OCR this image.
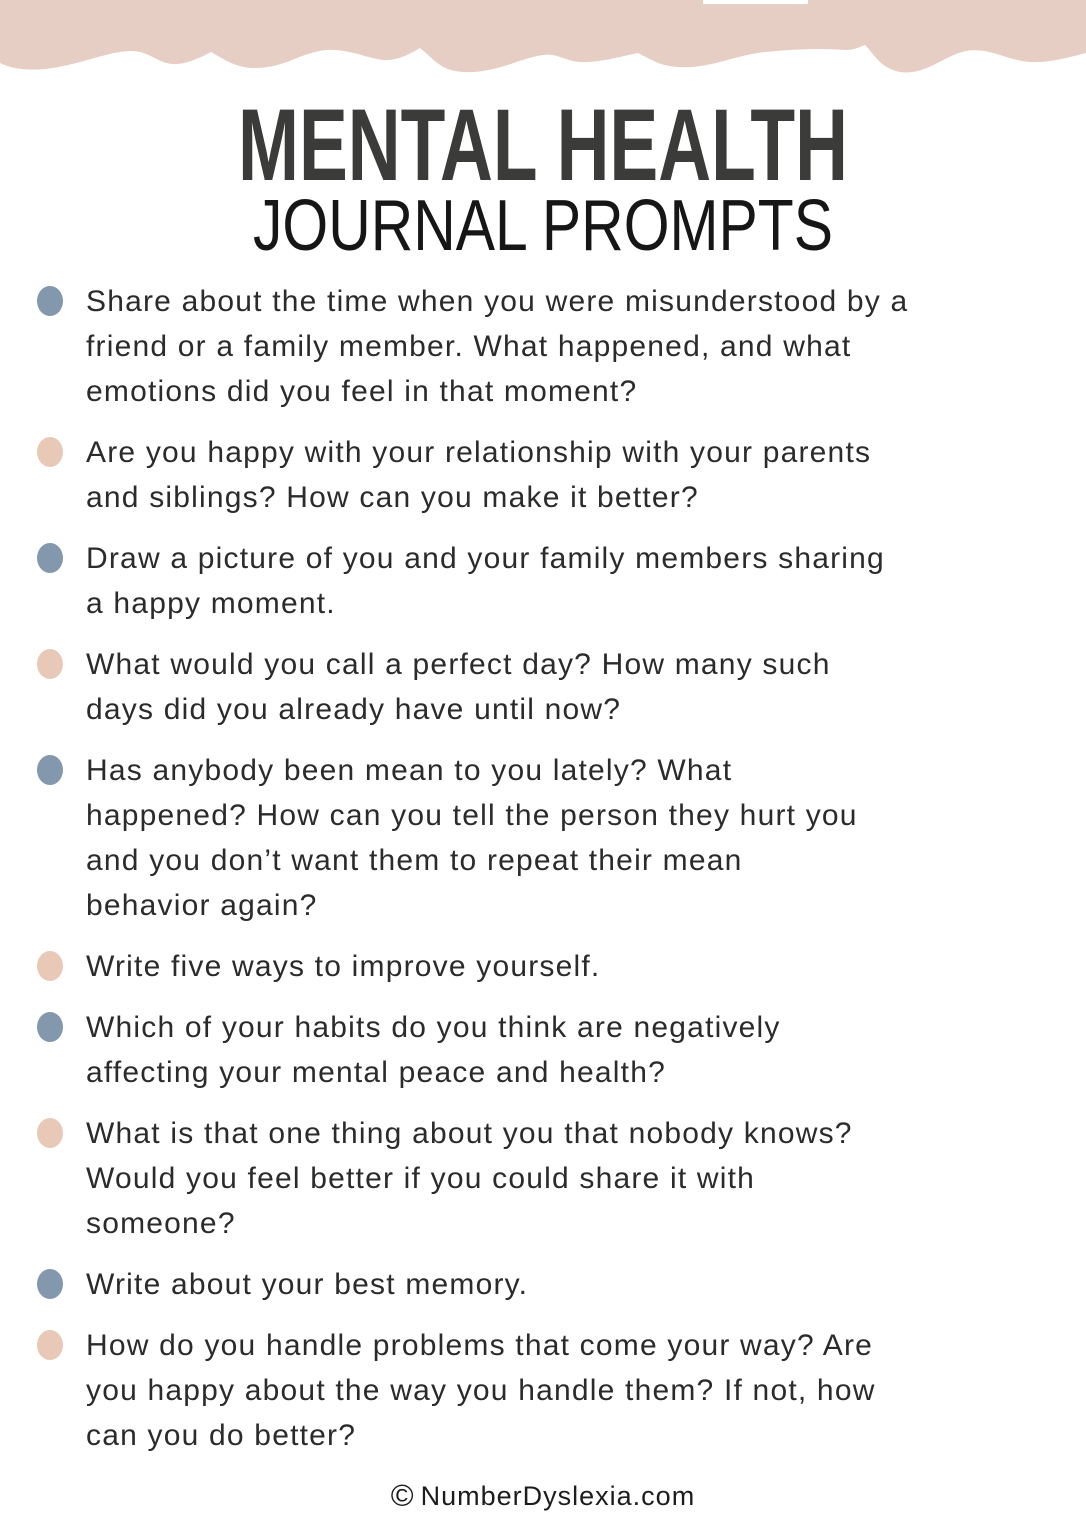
MENTAL HEALTH
JOURNAL PROMPTS
Share about the time when you were misunderstood by a
friend or a family member. What happened, and what
emotions did you feel in that moment?
Are you happy with your relationship with your parents
and siblings? How can you make it better?
Draw a picture of you and your family members sharing
a happy moment.
What would you call a perfect day? How many such
days did you already have until now?
Has anybody been mean to you lately? What
happened? How can you tell the person they hurt you
and you don’t want them to repeat their mean
behavior again?
Write five ways to improve yourself.
Which of your habits do you think are negatively
affecting your mental peace and health?
What is that one thing about you that nobody knows?
Would you feel better if you could share it with
someone?
Write about your best memory.
How do you handle problems that come your way? Are
you happy about the way you handle them? If not, how
can you do better?
© NumberDyslexia.com
